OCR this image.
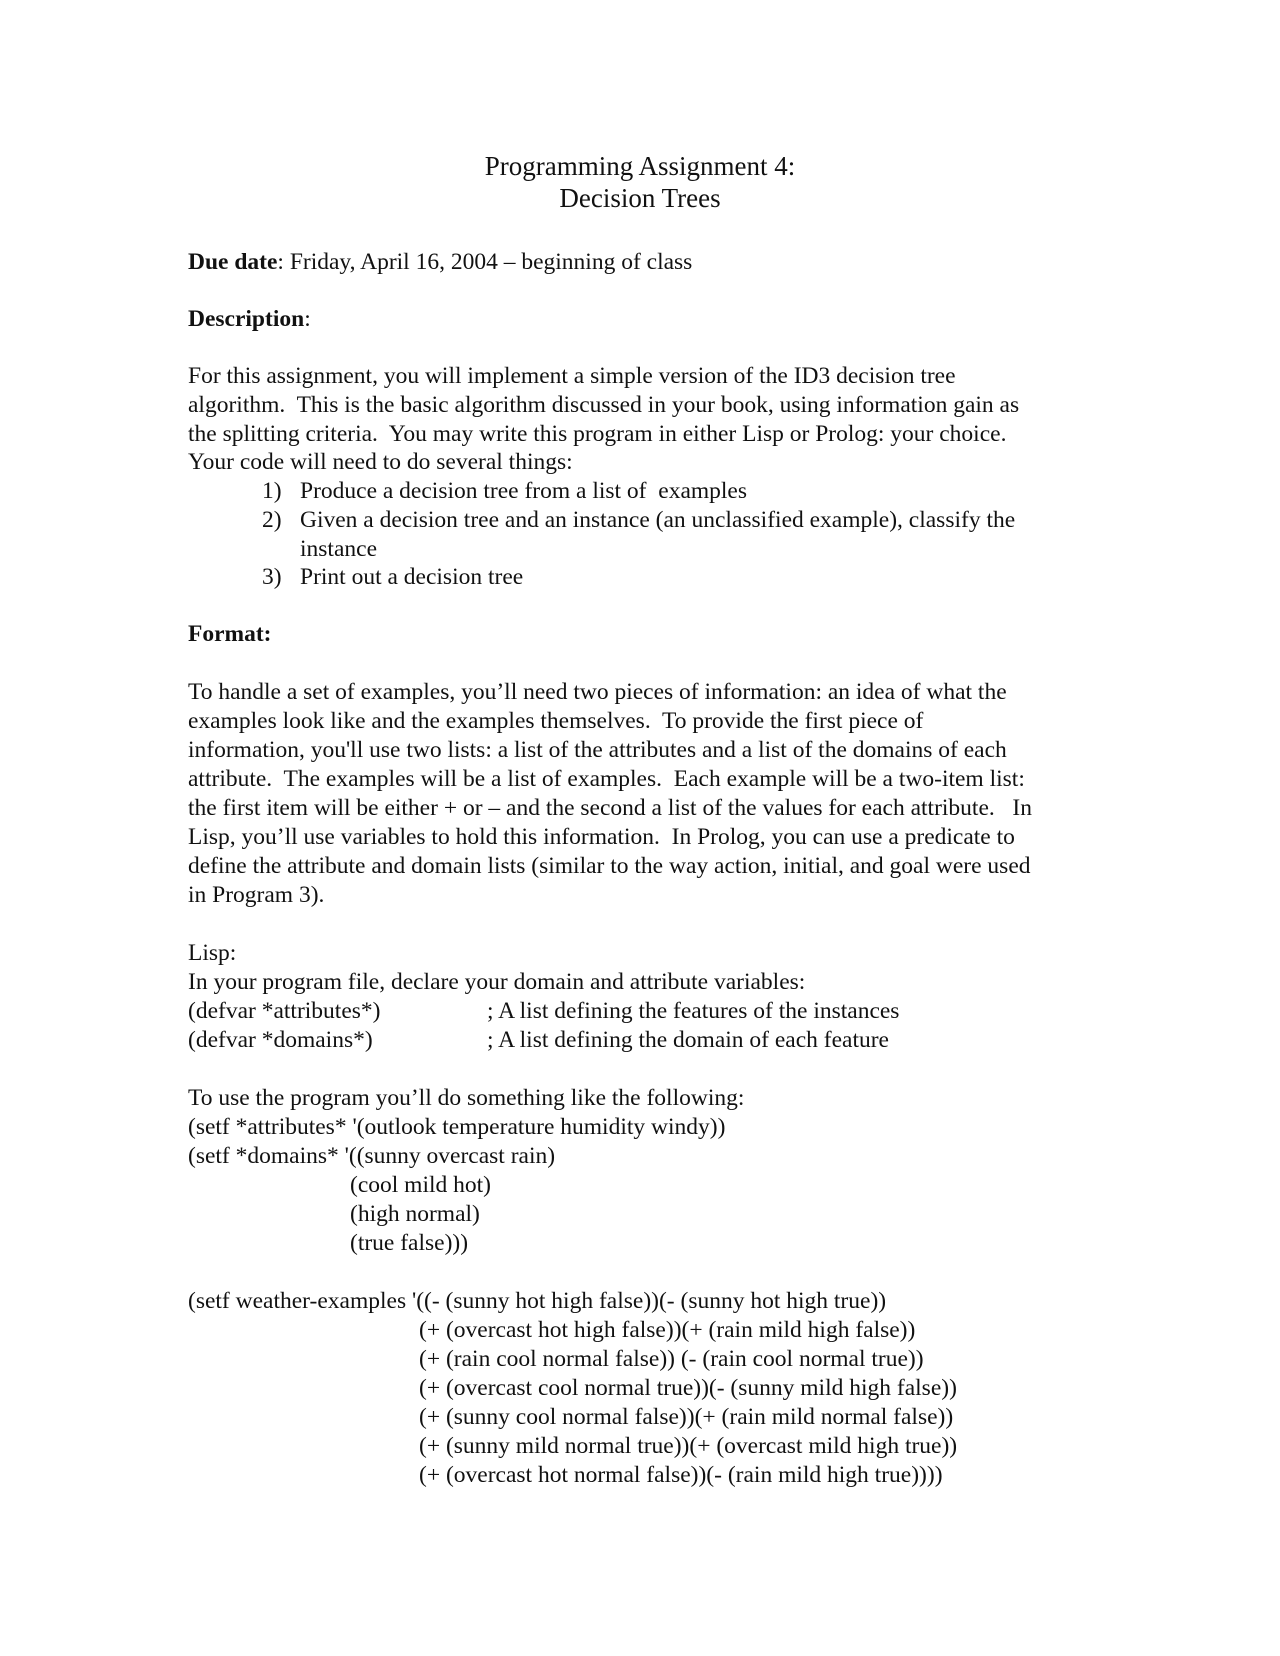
Programming Assignment 4:
Decision Trees
Due date: Friday, April 16, 2004 – beginning of class
Description:
For this assignment, you will implement a simple version of the ID3 decision tree
algorithm.  This is the basic algorithm discussed in your book, using information gain as
the splitting criteria.  You may write this program in either Lisp or Prolog: your choice.
Your code will need to do several things:
1) Produce a decision tree from a list of  examples
2) Given a decision tree and an instance (an unclassified example), classify the
instance
3) Print out a decision tree
Format:
To handle a set of examples, you’ll need two pieces of information: an idea of what the
examples look like and the examples themselves.  To provide the first piece of
information, you'll use two lists: a list of the attributes and a list of the domains of each
attribute.  The examples will be a list of examples.  Each example will be a two-item list:
the first item will be either + or – and the second a list of the values for each attribute.   In
Lisp, you’ll use variables to hold this information.  In Prolog, you can use a predicate to
define the attribute and domain lists (similar to the way action, initial, and goal were used
in Program 3).
Lisp:
In your program file, declare your domain and attribute variables:
(defvar *attributes*)	; A list defining the features of the instances
(defvar *domains*)	; A list defining the domain of each feature
To use the program you’ll do something like the following:
(setf *attributes* '(outlook temperature humidity windy))
(setf *domains* '((sunny overcast rain)
(cool mild hot)
(high normal)
(true false)))
(setf weather-examples '((- (sunny hot high false))(- (sunny hot high true))
(+ (overcast hot high false))(+ (rain mild high false))
(+ (rain cool normal false)) (- (rain cool normal true))
(+ (overcast cool normal true))(- (sunny mild high false))
(+ (sunny cool normal false))(+ (rain mild normal false))
(+ (sunny mild normal true))(+ (overcast mild high true))
(+ (overcast hot normal false))(- (rain mild high true))))
